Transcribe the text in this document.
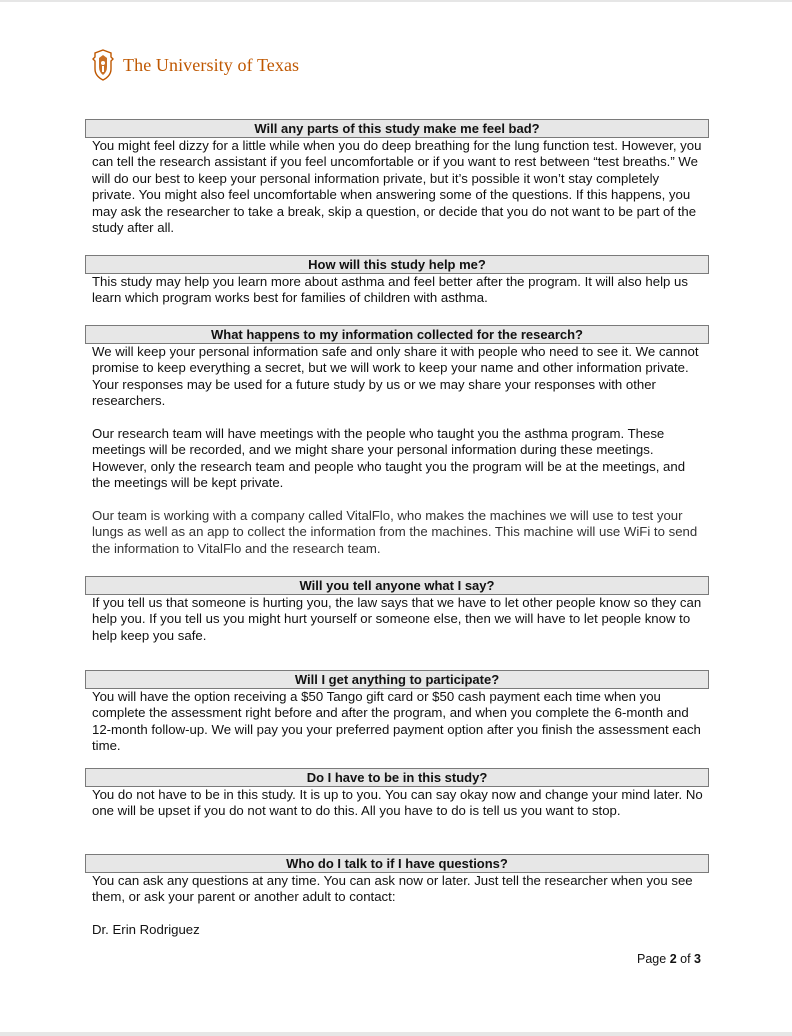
The University of Texas
Will any parts of this study make me feel bad?

You might feel dizzy for a little while when you do deep breathing for the lung function test. However, you can tell the research assistant if you feel uncomfortable or if you want to rest between “test breaths.” We will do our best to keep your personal information private, but it’s possible it won’t stay completely private. You might also feel uncomfortable when answering some of the questions. If this happens, you may ask the researcher to take a break, skip a question, or decide that you do not want to be part of the study after all.

How will this study help me?

This study may help you learn more about asthma and feel better after the program. It will also help us learn which program works best for families of children with asthma.

What happens to my information collected for the research?

We will keep your personal information safe and only share it with people who need to see it. We cannot promise to keep everything a secret, but we will work to keep your name and other information private. Your responses may be used for a future study by us or we may share your responses with other researchers.

Our research team will have meetings with the people who taught you the asthma program. These meetings will be recorded, and we might share your personal information during these meetings. However, only the research team and people who taught you the program will be at the meetings, and the meetings will be kept private.

Our team is working with a company called VitalFlo, who makes the machines we will use to test your lungs as well as an app to collect the information from the machines. This machine will use WiFi to send the information to VitalFlo and the research team.

Will you tell anyone what I say?

If you tell us that someone is hurting you, the law says that we have to let other people know so they can help you. If you tell us you might hurt yourself or someone else, then we will have to let people know to help keep you safe.

Will I get anything to participate?

You will have the option receiving a $50 Tango gift card or $50 cash payment each time when you complete the assessment right before and after the program, and when you complete the 6-month and 12-month follow-up. We will pay you your preferred payment option after you finish the assessment each time.

Do I have to be in this study?

You do not have to be in this study. It is up to you. You can say okay now and change your mind later. No one will be upset if you do not want to do this. All you have to do is tell us you want to stop.

Who do I talk to if I have questions?

You can ask any questions at any time. You can ask now or later. Just tell the researcher when you see them, or ask your parent or another adult to contact:

Dr. Erin Rodriguez

Page 2 of 3
